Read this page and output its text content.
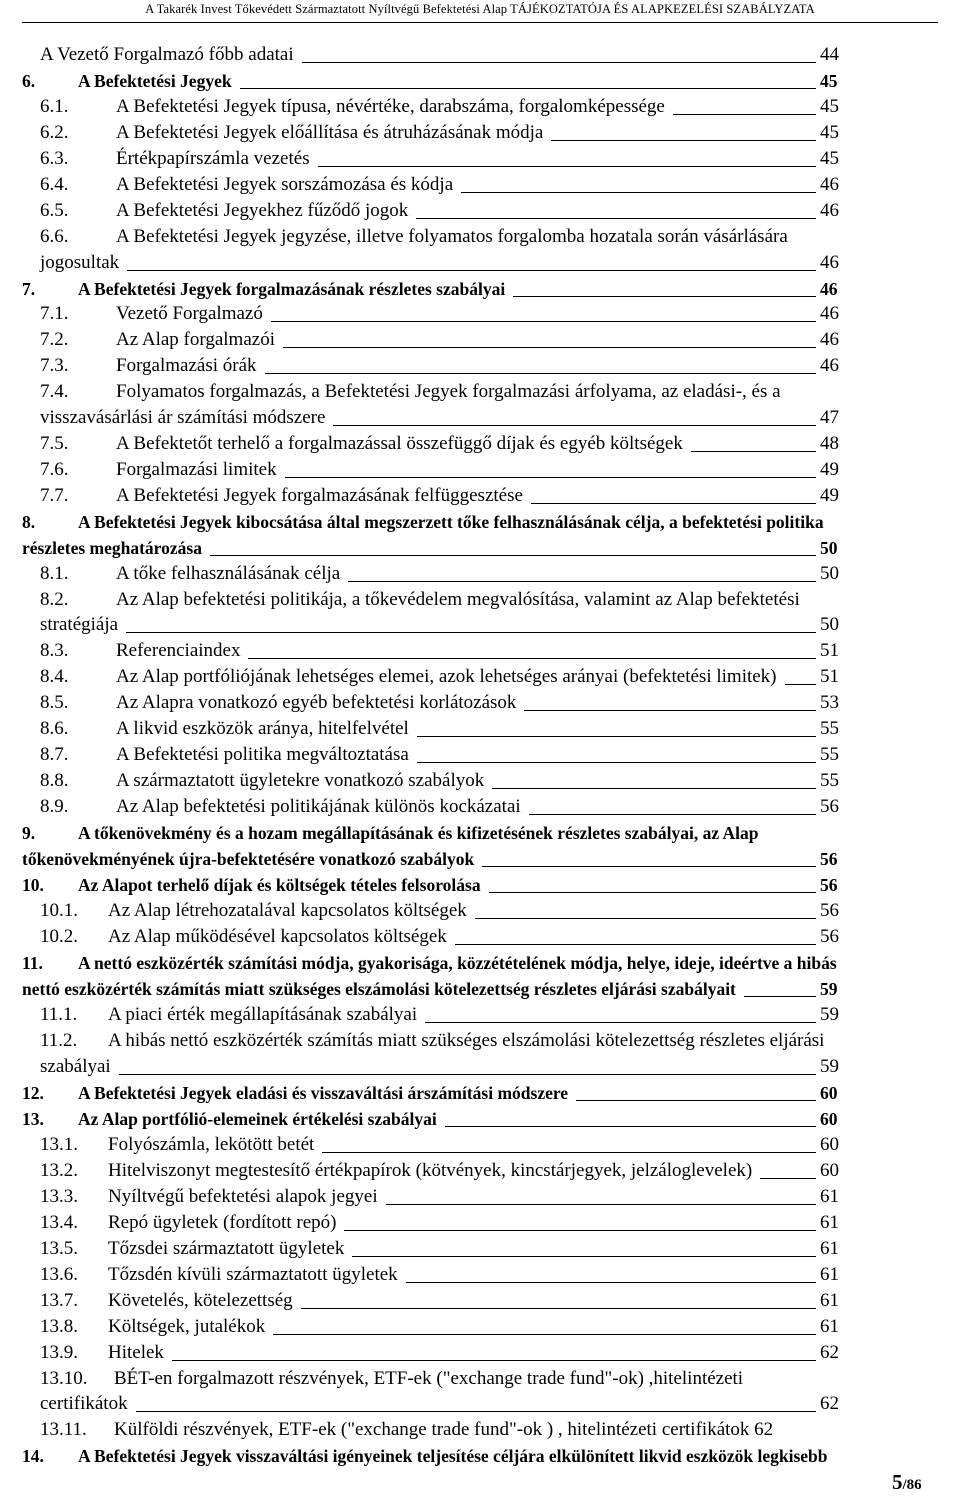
A Takarék Invest Tőkevédett Származtatott Nyíltvégű Befektetési Alap TÁJÉKOZTATÓJA ÉS ALAPKEZELÉSI SZABÁLYZATA
A Vezető Forgalmazó főbb adatai	44
6. A Befektetési Jegyek	45
6.1.	A Befektetési Jegyek típusa, névértéke, darabszáma, forgalomképessége	45
6.2.	A Befektetési Jegyek előállítása és átruházásának módja	45
6.3.	Értékpapírszámla vezetés	45
6.4.	A Befektetési Jegyek sorszámozása és kódja	46
6.5.	A Befektetési Jegyekhez fűződő jogok	46
6.6.	A Befektetési Jegyek jegyzése, illetve folyamatos forgalomba hozatala során vásárlására
jogosultak	46
7. A Befektetési Jegyek forgalmazásának részletes szabályai	46
7.1.	Vezető Forgalmazó	46
7.2.	Az Alap forgalmazói	46
7.3.	Forgalmazási órák	46
7.4.	Folyamatos forgalmazás, a Befektetési Jegyek forgalmazási árfolyama, az eladási-, és a
visszavásárlási ár számítási módszere	47
7.5.	A Befektetőt terhelő a forgalmazással összefüggő díjak és egyéb költségek	48
7.6.	Forgalmazási limitek	49
7.7.	A Befektetési Jegyek forgalmazásának felfüggesztése	49
8. A Befektetési Jegyek kibocsátása által megszerzett tőke felhasználásának célja, a befektetési politika
részletes meghatározása	50
8.1.	A tőke felhasználásának célja	50
8.2.	Az Alap befektetési politikája, a tőkevédelem megvalósítása, valamint az Alap befektetési
stratégiája	50
8.3.	Referenciaindex	51
8.4.	Az Alap portfóliójának lehetséges elemei, azok lehetséges arányai (befektetési limitek) 51
8.5.	Az Alapra vonatkozó egyéb befektetési korlátozások	53
8.6.	A likvid eszközök aránya, hitelfelvétel	55
8.7.	A Befektetési politika megváltoztatása	55
8.8.	A származtatott ügyletekre vonatkozó szabályok	55
8.9.	Az Alap befektetési politikájának különös kockázatai	56
9. A tőkenövekmény és a hozam megállapításának és kifizetésének részletes szabályai, az Alap
tőkenövekményének újra-befektetésére vonatkozó szabályok	56
10. Az Alapot terhelő díjak és költségek tételes felsorolása	56
10.1. Az Alap létrehozatalával kapcsolatos költségek	56
10.2. Az Alap működésével kapcsolatos költségek	56
11. A nettó eszközérték számítási módja, gyakorisága, közzétételének módja, helye, ideje, ideértve a hibás
nettó eszközérték számítás miatt szükséges elszámolási kötelezettség részletes eljárási szabályait	59
11.1. A piaci érték megállapításának szabályai	59
11.2. A hibás nettó eszközérték számítás miatt szükséges elszámolási kötelezettség részletes eljárási
szabályai	59
12. A Befektetési Jegyek eladási és visszaváltási árszámítási módszere	60
13. Az Alap portfólió-elemeinek értékelési szabályai	60
13.1. Folyószámla, lekötött betét	60
13.2. Hitelviszonyt megtestesítő értékpapírok (kötvények, kincstárjegyek, jelzáloglevelek)	60
13.3. Nyíltvégű befektetési alapok jegyei	61
13.4. Repó ügyletek (fordított repó)	61
13.5. Tőzsdei származtatott ügyletek	61
13.6. Tőzsdén kívüli származtatott ügyletek	61
13.7. Követelés, kötelezettség	61
13.8. Költségek, jutalékok	61
13.9. Hitelek	62
13.10. BÉT-en forgalmazott részvények, ETF-ek ("exchange trade fund"-ok) ,hitelintézeti
certifikátok	62
13.11. Külföldi részvények, ETF-ek ("exchange trade fund"-ok ) , hitelintézeti certifikátok 62
14. A Befektetési Jegyek visszaváltási igényeinek teljesítése céljára elkülönített likvid eszközök legkisebb
5/86
